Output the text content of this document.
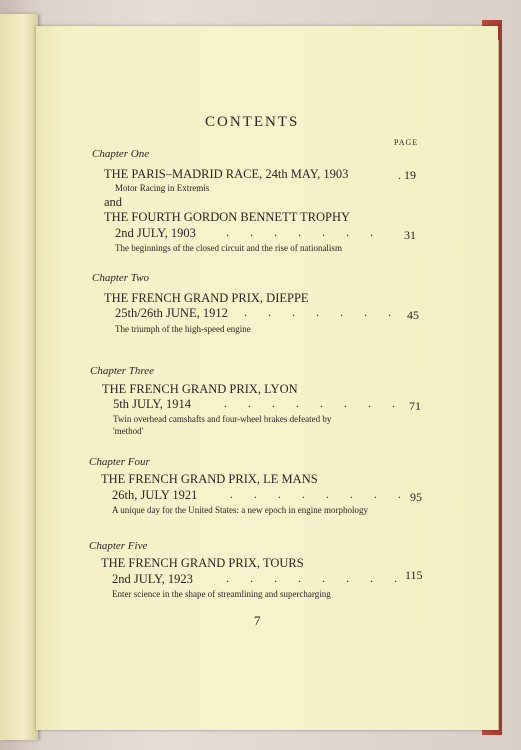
CONTENTS
PAGE
Chapter One
THE PARIS–MADRID RACE, 24th MAY, 1903	. 19
Motor Racing in Extremis
and
THE FOURTH GORDON BENNETT TROPHY
2nd JULY, 1903	. . . . . . . 31
The beginnings of the closed circuit and the rise of nationalism
Chapter Two
THE FRENCH GRAND PRIX, DIEPPE
25th/26th JUNE, 1912 . . . . . . . 45
The triumph of the high-speed engine
Chapter Three
THE FRENCH GRAND PRIX, LYON
5th JULY, 1914	. . . . . . . . 71
Twin overhead camshafts and four-wheel brakes defeated by
'method'
Chapter Four
THE FRENCH GRAND PRIX, LE MANS
26th, JULY 1921	. . . . . . . . 95
A unique day for the United States: a new epoch in engine morphology
Chapter Five
THE FRENCH GRAND PRIX, TOURS
2nd JULY, 1923	. . . . . . . . 115
Enter science in the shape of streamlining and supercharging
7
